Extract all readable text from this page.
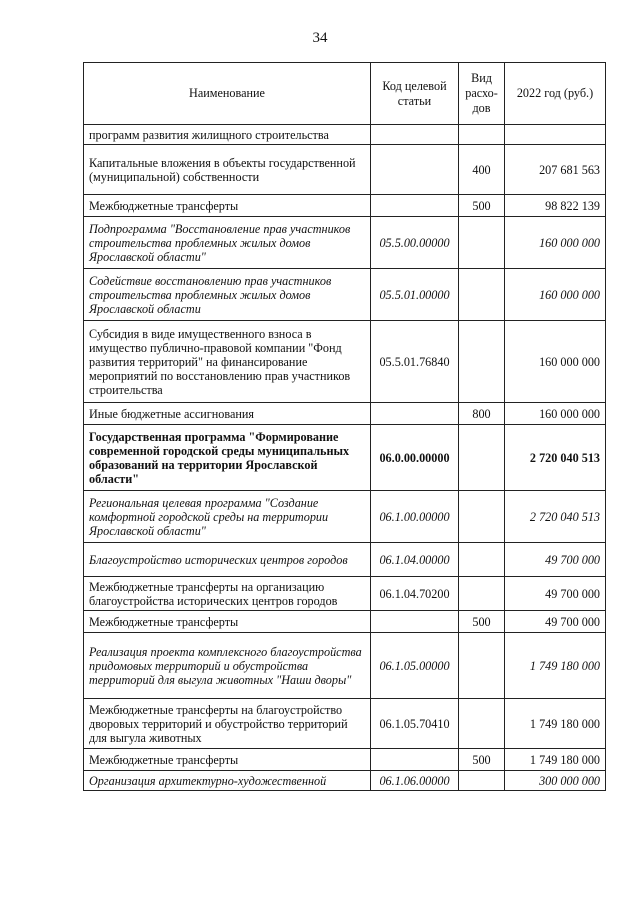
34
Наименование	Код целевой статьи	Вид расхо-дов	2022 год (руб.)
программ развития жилищного строительства			
Капитальные вложения в объекты государственной (муниципальной) собственности		400	207 681 563
Межбюджетные трансферты		500	98 822 139
Подпрограмма "Восстановление прав участников строительства проблемных жилых домов Ярославской области"	05.5.00.00000		160 000 000
Содействие восстановлению прав участников строительства проблемных жилых домов Ярославской области	05.5.01.00000		160 000 000
Субсидия в виде имущественного взноса в имущество публично-правовой компании "Фонд развития территорий" на финансирование мероприятий по восстановлению прав участников строительства	05.5.01.76840		160 000 000
Иные бюджетные ассигнования		800	160 000 000
Государственная программа "Формирование современной городской среды муниципальных образований на территории Ярославской области"	06.0.00.00000		2 720 040 513
Региональная целевая программа "Создание комфортной городской среды на территории Ярославской области"	06.1.00.00000		2 720 040 513
Благоустройство исторических центров городов	06.1.04.00000		49 700 000
Межбюджетные трансферты на организацию благоустройства исторических центров городов	06.1.04.70200		49 700 000
Межбюджетные трансферты		500	49 700 000
Реализация проекта комплексного благоустройства придомовых территорий и обустройства территорий для выгула животных "Наши дворы"	06.1.05.00000		1 749 180 000
Межбюджетные трансферты на благоустройство дворовых территорий и обустройство территорий для выгула животных	06.1.05.70410		1 749 180 000
Межбюджетные трансферты		500	1 749 180 000
Организация архитектурно-художественной	06.1.06.00000		300 000 000
